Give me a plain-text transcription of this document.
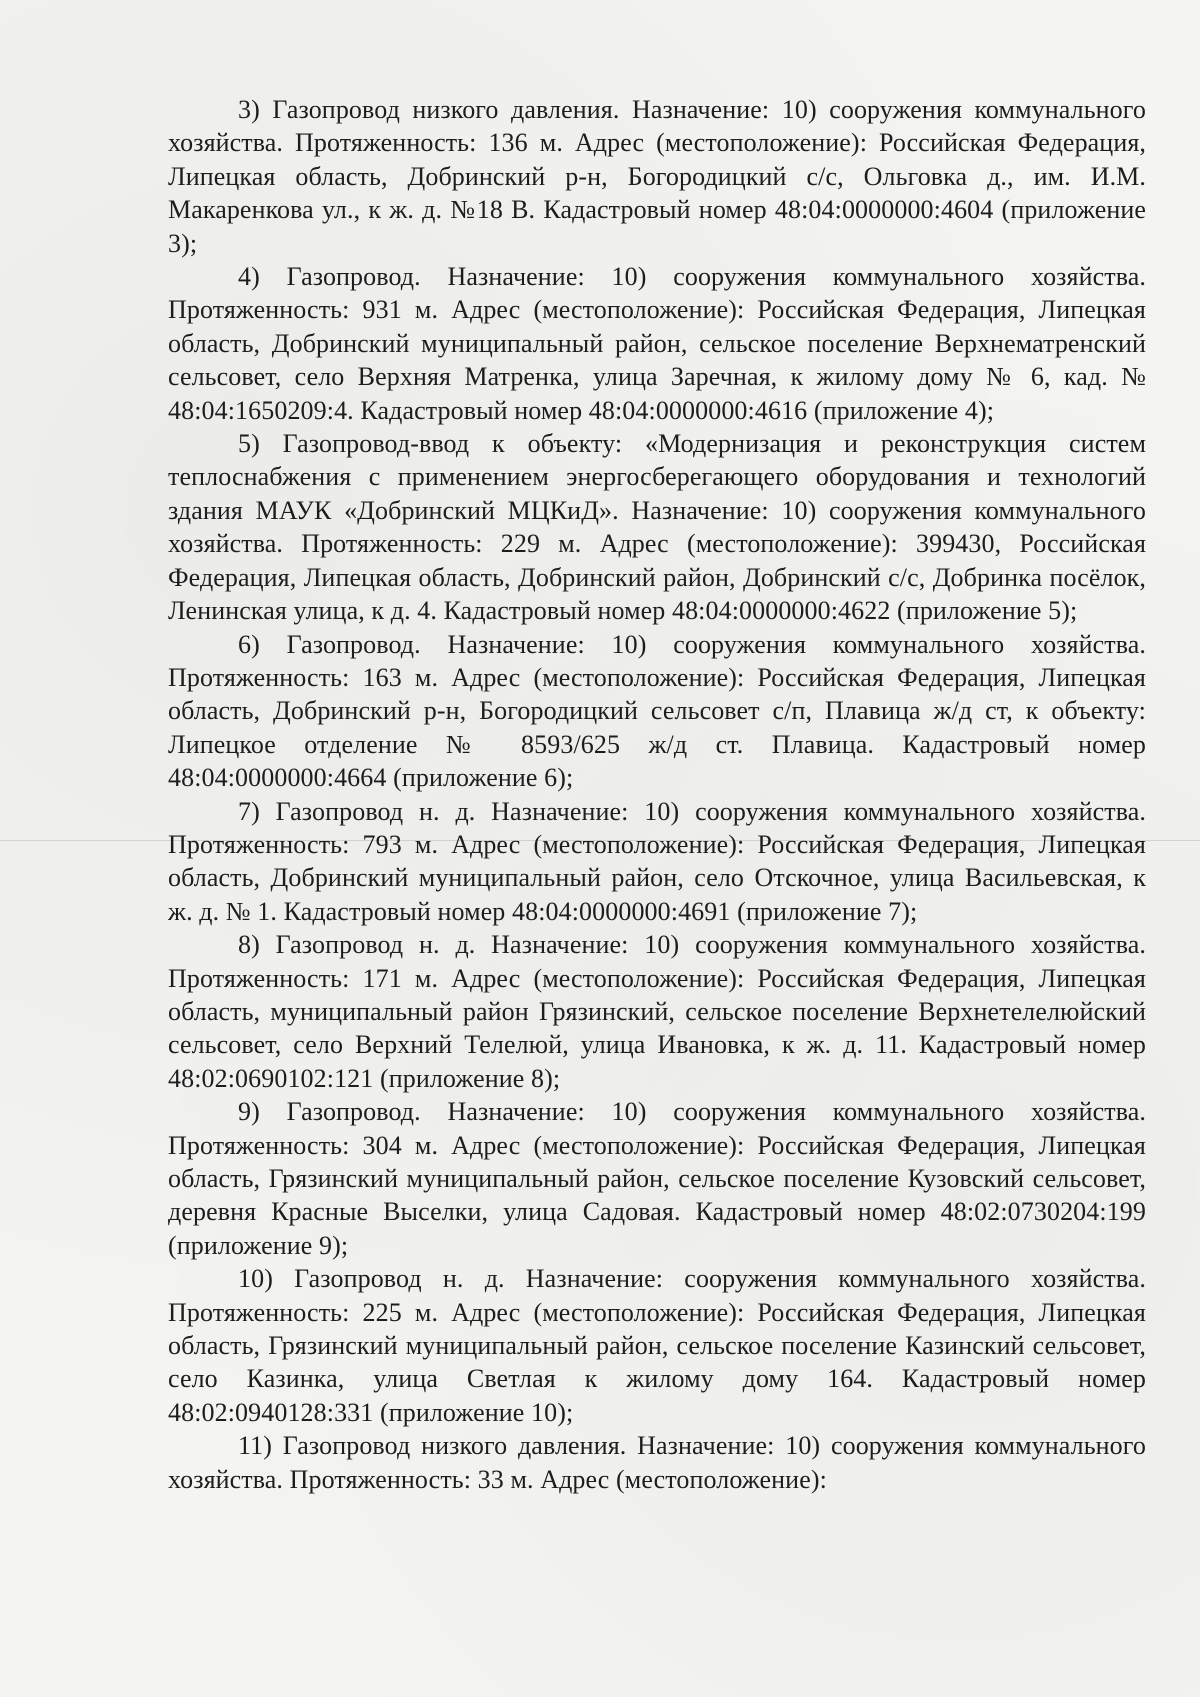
3) Газопровод низкого давления. Назначение: 10) сооружения коммунального хозяйства. Протяженность: 136 м. Адрес (местоположение): Российская Федерация, Липецкая область, Добринский р-н, Богородицкий с/с, Ольговка д., им. И.М. Макаренкова ул., к ж. д. №18 В. Кадастровый номер 48:04:0000000:4604 (приложение 3);

4) Газопровод. Назначение: 10) сооружения коммунального хозяйства. Протяженность: 931 м. Адрес (местоположение): Российская Федерация, Липецкая область, Добринский муниципальный район, сельское поселение Верхнематренский сельсовет, село Верхняя Матренка, улица Заречная, к жилому дому № 6, кад. № 48:04:1650209:4. Кадастровый номер 48:04:0000000:4616 (приложение 4);

5) Газопровод-ввод к объекту: «Модернизация и реконструкция систем теплоснабжения с применением энергосберегающего оборудования и технологий здания МАУК «Добринский МЦКиД». Назначение: 10) сооружения коммунального хозяйства. Протяженность: 229 м. Адрес (местоположение): 399430, Российская Федерация, Липецкая область, Добринский район, Добринский с/с, Добринка посёлок, Ленинская улица, к д. 4. Кадастровый номер 48:04:0000000:4622 (приложение 5);

6) Газопровод. Назначение: 10) сооружения коммунального хозяйства. Протяженность: 163 м. Адрес (местоположение): Российская Федерация, Липецкая область, Добринский р-н, Богородицкий сельсовет с/п, Плавица ж/д ст, к объекту: Липецкое отделение № 8593/625 ж/д ст. Плавица. Кадастровый номер 48:04:0000000:4664 (приложение 6);

7) Газопровод н. д. Назначение: 10) сооружения коммунального хозяйства. Протяженность: 793 м. Адрес (местоположение): Российская Федерация, Липецкая область, Добринский муниципальный район, село Отскочное, улица Васильевская, к ж. д. № 1. Кадастровый номер 48:04:0000000:4691 (приложение 7);

8) Газопровод н. д. Назначение: 10) сооружения коммунального хозяйства. Протяженность: 171 м. Адрес (местоположение): Российская Федерация, Липецкая область, муниципальный район Грязинский, сельское поселение Верхнетелелюйский сельсовет, село Верхний Телелюй, улица Ивановка, к ж. д. 11. Кадастровый номер 48:02:0690102:121 (приложение 8);

9) Газопровод. Назначение: 10) сооружения коммунального хозяйства. Протяженность: 304 м. Адрес (местоположение): Российская Федерация, Липецкая область, Грязинский муниципальный район, сельское поселение Кузовский сельсовет, деревня Красные Выселки, улица Садовая. Кадастровый номер 48:02:0730204:199 (приложение 9);

10) Газопровод н. д. Назначение: сооружения коммунального хозяйства. Протяженность: 225 м. Адрес (местоположение): Российская Федерация, Липецкая область, Грязинский муниципальный район, сельское поселение Казинский сельсовет, село Казинка, улица Светлая к жилому дому 164. Кадастровый номер 48:02:0940128:331 (приложение 10);

11) Газопровод низкого давления. Назначение: 10) сооружения коммунального хозяйства. Протяженность: 33 м. Адрес (местоположение):
